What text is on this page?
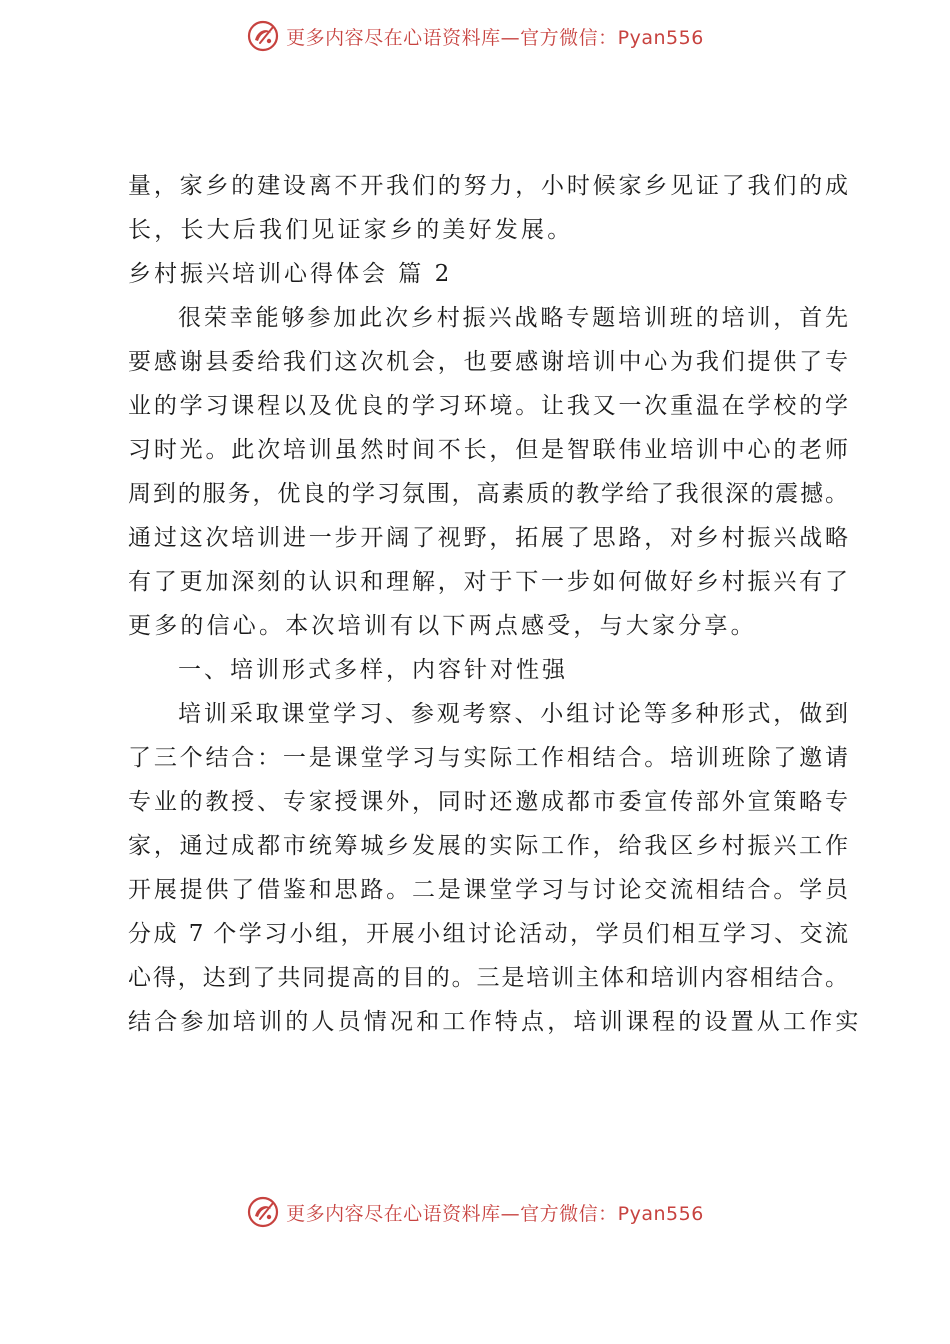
更多内容尽在心语资料库—官方微信：Pyan556

量，家乡的建设离不开我们的努力，小时候家乡见证了我们的成

长，长大后我们见证家乡的美好发展。

乡村振兴培训心得体会 篇 2

很荣幸能够参加此次乡村振兴战略专题培训班的培训，首先

要感谢县委给我们这次机会，也要感谢培训中心为我们提供了专

业的学习课程以及优良的学习环境。让我又一次重温在学校的学

习时光。此次培训虽然时间不长，但是智联伟业培训中心的老师

周到的服务，优良的学习氛围，高素质的教学给了我很深的震撼。

通过这次培训进一步开阔了视野，拓展了思路，对乡村振兴战略

有了更加深刻的认识和理解，对于下一步如何做好乡村振兴有了

更多的信心。本次培训有以下两点感受，与大家分享。

一、培训形式多样，内容针对性强

培训采取课堂学习、参观考察、小组讨论等多种形式，做到

了三个结合：一是课堂学习与实际工作相结合。培训班除了邀请

专业的教授、专家授课外，同时还邀成都市委宣传部外宣策略专

家，通过成都市统筹城乡发展的实际工作，给我区乡村振兴工作

开展提供了借鉴和思路。二是课堂学习与讨论交流相结合。学员

分成 7 个学习小组，开展小组讨论活动，学员们相互学习、交流

心得，达到了共同提高的目的。三是培训主体和培训内容相结合。

结合参加培训的人员情况和工作特点，培训课程的设置从工作实

更多内容尽在心语资料库—官方微信：Pyan556
